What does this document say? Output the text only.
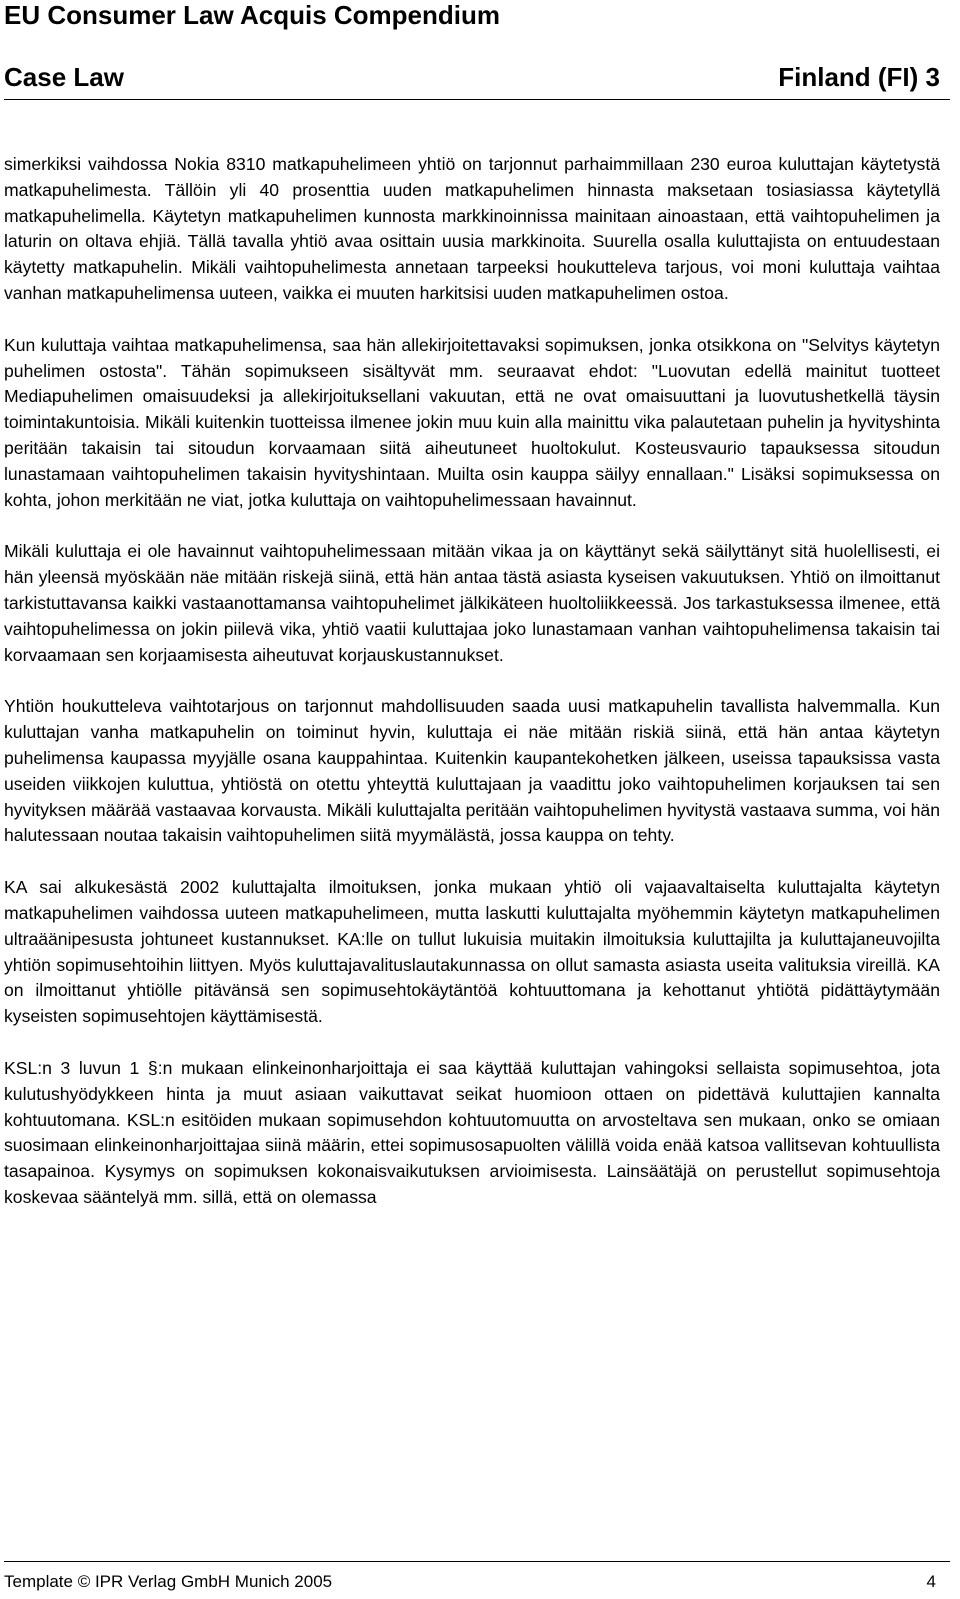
EU Consumer Law Acquis Compendium
Case Law	Finland (FI) 3

simerkiksi vaihdossa Nokia 8310 matkapuhelimeen yhtiö on tarjonnut parhaimmillaan 230 euroa kuluttajan käytetystä matkapuhelimesta. Tällöin yli 40 prosenttia uuden matkapuhelimen hinnasta maksetaan tosiasiassa käytetyllä matkapuhelimella. Käytetyn matkapuhelimen kunnosta markkinoinnissa mainitaan ainoastaan, että vaihtopuhelimen ja laturin on oltava ehjiä. Tällä tavalla yhtiö avaa osittain uusia markkinoita. Suurella osalla kuluttajista on entuudestaan käytetty matkapuhelin. Mikäli vaihtopuhelimesta annetaan tarpeeksi houkutteleva tarjous, voi moni kuluttaja vaihtaa vanhan matkapuhelimensa uuteen, vaikka ei muuten harkitsisi uuden matkapuhelimen ostoa.

Kun kuluttaja vaihtaa matkapuhelimensa, saa hän allekirjoitettavaksi sopimuksen, jonka otsikkona on "Selvitys käytetyn puhelimen ostosta". Tähän sopimukseen sisältyvät mm. seuraavat ehdot: "Luovutan edellä mainitut tuotteet Mediapuhelimen omaisuudeksi ja allekirjoituksellani vakuutan, että ne ovat omaisuuttani ja luovutushetkellä täysin toimintakuntoisia. Mikäli kuitenkin tuotteissa ilmenee jokin muu kuin alla mainittu vika palautetaan puhelin ja hyvityshinta peritään takaisin tai sitoudun korvaamaan siitä aiheutuneet huoltokulut. Kosteusvaurio tapauksessa sitoudun lunastamaan vaihtopuhelimen takaisin hyvityshintaan. Muilta osin kauppa säilyy ennallaan." Lisäksi sopimuksessa on kohta, johon merkitään ne viat, jotka kuluttaja on vaihtopuhelimessaan havainnut.

Mikäli kuluttaja ei ole havainnut vaihtopuhelimessaan mitään vikaa ja on käyttänyt sekä säilyttänyt sitä huolellisesti, ei hän yleensä myöskään näe mitään riskejä siinä, että hän antaa tästä asiasta kyseisen vakuutuksen. Yhtiö on ilmoittanut tarkistuttavansa kaikki vastaanottamansa vaihtopuhelimet jälkikäteen huoltoliikkeessä. Jos tarkastuksessa ilmenee, että vaihtopuhelimessa on jokin piilevä vika, yhtiö vaatii kuluttajaa joko lunastamaan vanhan vaihtopuhelimensa takaisin tai korvaamaan sen korjaamisesta aiheutuvat korjauskustannukset.

Yhtiön houkutteleva vaihtotarjous on tarjonnut mahdollisuuden saada uusi matkapuhelin tavallista halvemmalla. Kun kuluttajan vanha matkapuhelin on toiminut hyvin, kuluttaja ei näe mitään riskiä siinä, että hän antaa käytetyn puhelimensa kaupassa myyjälle osana kauppahintaa. Kuitenkin kaupantekohetken jälkeen, useissa tapauksissa vasta useiden viikkojen kuluttua, yhtiöstä on otettu yhteyttä kuluttajaan ja vaadittu joko vaihtopuhelimen korjauksen tai sen hyvityksen määrää vastaavaa korvausta. Mikäli kuluttajalta peritään vaihtopuhelimen hyvitystä vastaava summa, voi hän halutessaan noutaa takaisin vaihtopuhelimen siitä myymälästä, jossa kauppa on tehty.

KA sai alkukesästä 2002 kuluttajalta ilmoituksen, jonka mukaan yhtiö oli vajaavaltaiselta kuluttajalta käytetyn matkapuhelimen vaihdossa uuteen matkapuhelimeen, mutta laskutti kuluttajalta myöhemmin käytetyn matkapuhelimen ultraäänipesusta johtuneet kustannukset. KA:lle on tullut lukuisia muitakin ilmoituksia kuluttajilta ja kuluttajaneuvojilta yhtiön sopimusehtoihin liittyen. Myös kuluttajavalituslautakunnassa on ollut samasta asiasta useita valituksia vireillä. KA on ilmoittanut yhtiölle pitävänsä sen sopimusehtokäytäntöä kohtuuttomana ja kehottanut yhtiötä pidättäytymään kyseisten sopimusehtojen käyttämisestä.

KSL:n 3 luvun 1 §:n mukaan elinkeinonharjoittaja ei saa käyttää kuluttajan vahingoksi sellaista sopimusehtoa, jota kulutushyödykkeen hinta ja muut asiaan vaikuttavat seikat huomioon ottaen on pidettävä kuluttajien kannalta kohtuutomana. KSL:n esitöiden mukaan sopimusehdon kohtuutomuutta on arvosteltava sen mukaan, onko se omiaan suosimaan elinkeinonharjoittajaa siinä määrin, ettei sopimusosapuolten välillä voida enää katsoa vallitsevan kohtuullista tasapainoa. Kysymys on sopimuksen kokonaisvaikutuksen arvioimisesta. Lainsäätäjä on perustellut sopimusehtoja koskevaa sääntelyä mm. sillä, että on olemassa

Template © IPR Verlag GmbH Munich 2005	4
